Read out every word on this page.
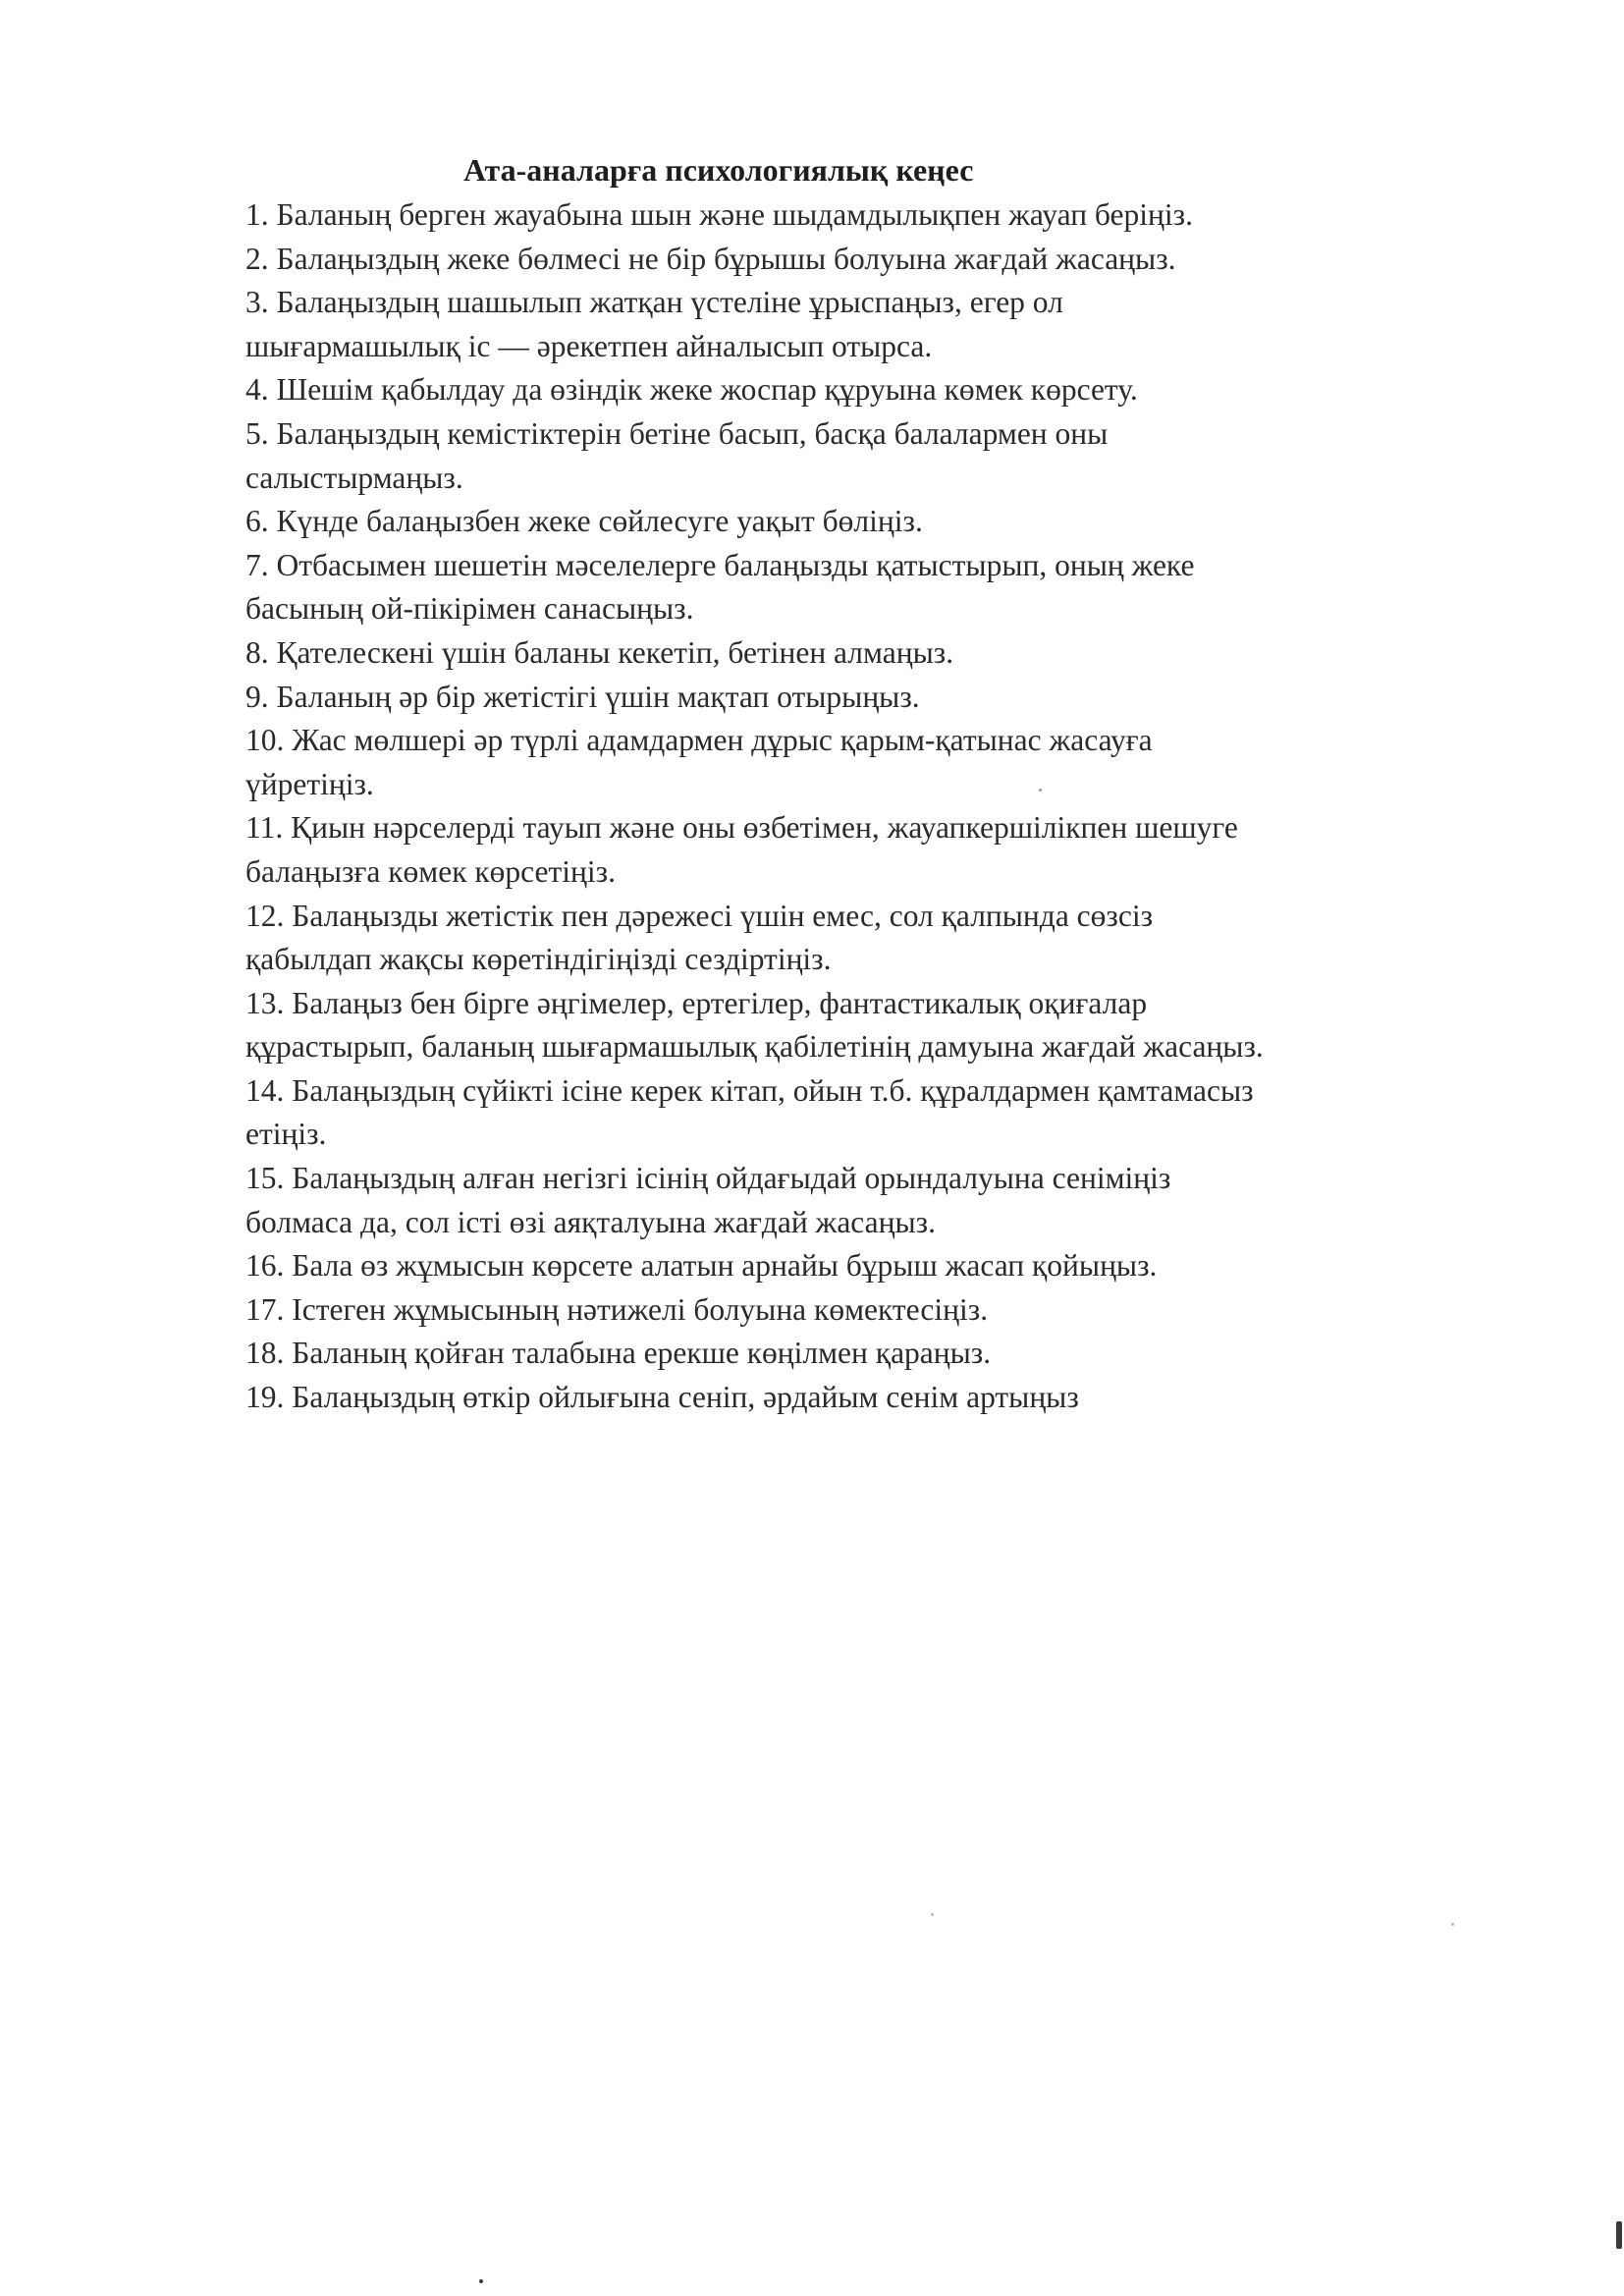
Ата-аналарға психологиялық кеңес
1. Баланың берген жауабына шын және шыдамдылықпен жауап беріңіз.
2. Балаңыздың жеке бөлмесі не бір бұрышы болуына жағдай жасаңыз.
3. Балаңыздың шашылып жатқан үстеліне ұрыспаңыз, егер ол
шығармашылық іс — әрекетпен айналысып отырса.
4. Шешім қабылдау да өзіндік жеке жоспар құруына көмек көрсету.
5. Балаңыздың кемістіктерін бетіне басып, басқа балалармен оны
салыстырмаңыз.
6. Күнде балаңызбен жеке сөйлесуге уақыт бөліңіз.
7. Отбасымен шешетін мәселелерге балаңызды қатыстырып, оның жеке
басының ой-пікірімен санасыңыз.
8. Қателескені үшін баланы кекетіп, бетінен алмаңыз.
9. Баланың әр бір жетістігі үшін мақтап отырыңыз.
10. Жас мөлшері әр түрлі адамдармен дұрыс қарым-қатынас жасауға
үйретіңіз.
11. Қиын нәрселерді тауып және оны өзбетімен, жауапкершілікпен шешуге
балаңызға көмек көрсетіңіз.
12. Балаңызды жетістік пен дәрежесі үшін емес, сол қалпында сөзсіз
қабылдап жақсы көретіндігіңізді сездіртіңіз.
13. Балаңыз бен бірге әңгімелер, ертегілер, фантастикалық оқиғалар
құрастырып, баланың шығармашылық қабілетінің дамуына жағдай жасаңыз.
14. Балаңыздың сүйікті ісіне керек кітап, ойын т.б. құралдармен қамтамасыз
етіңіз.
15. Балаңыздың алған негізгі ісінің ойдағыдай орындалуына сеніміңіз
болмаса да, сол істі өзі аяқталуына жағдай жасаңыз.
16. Бала өз жұмысын көрсете алатын арнайы бұрыш жасап қойыңыз.
17. Істеген жұмысының нәтижелі болуына көмектесіңіз.
18. Баланың қойған талабына ерекше көңілмен қараңыз.
19. Балаңыздың өткір ойлығына сеніп, әрдайым сенім артыңыз
